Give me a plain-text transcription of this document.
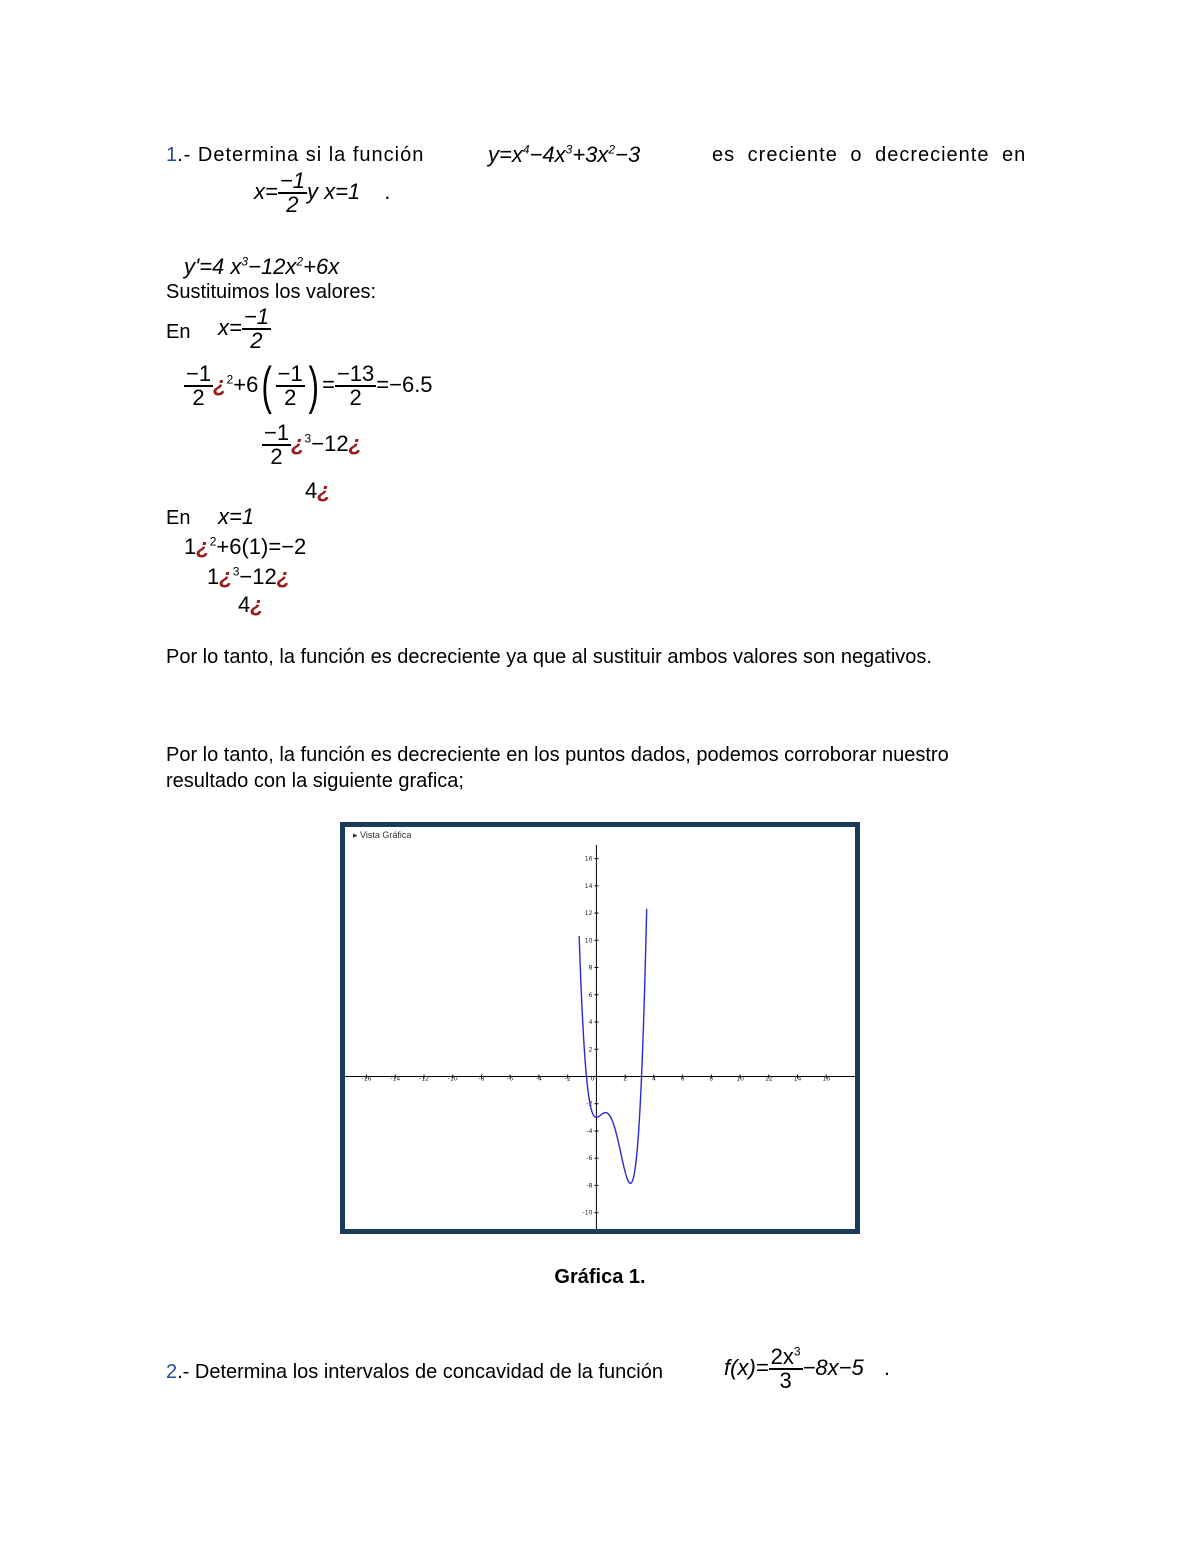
1.- Determina si la función	$y=x^4-4x^3+3x^2-3$	es creciente o decreciente en
$x= \frac{-1}{2}$ y x=1 .
y'=4 $x^3-12x^2+6x$
Sustituimos los valores:
En $x= \frac{-1}{2}$
$\frac{-1}{2}$ ¿$^2+6( \frac{-1}{2}$ ) = $\frac{-13}{2} =-6.5$
$\frac{-1}{2}$ ¿$^3$−12¿
4¿
En x=1
1¿$^2$+6(1)=−2
1¿$^3$−12¿
4¿
Por lo tanto, la función es decreciente ya que al sustituir ambos valores son negativos.
Por lo tanto, la función es decreciente en los puntos dados, podemos corroborar nuestro
resultado con la siguiente grafica;
▸ Vista Gráfica
-16	-14	-12	-10	-8	-6	-4	-2	0	2	4	6	8	10	12	14	16
16
14
12
10
8
6
4
2
-2
-4
-6
-8
-10
Gráfica 1.
2.- Determina los intervalos de concavidad de la función	$f(x)= \frac{2x^3}{3} -8x-5$ .
